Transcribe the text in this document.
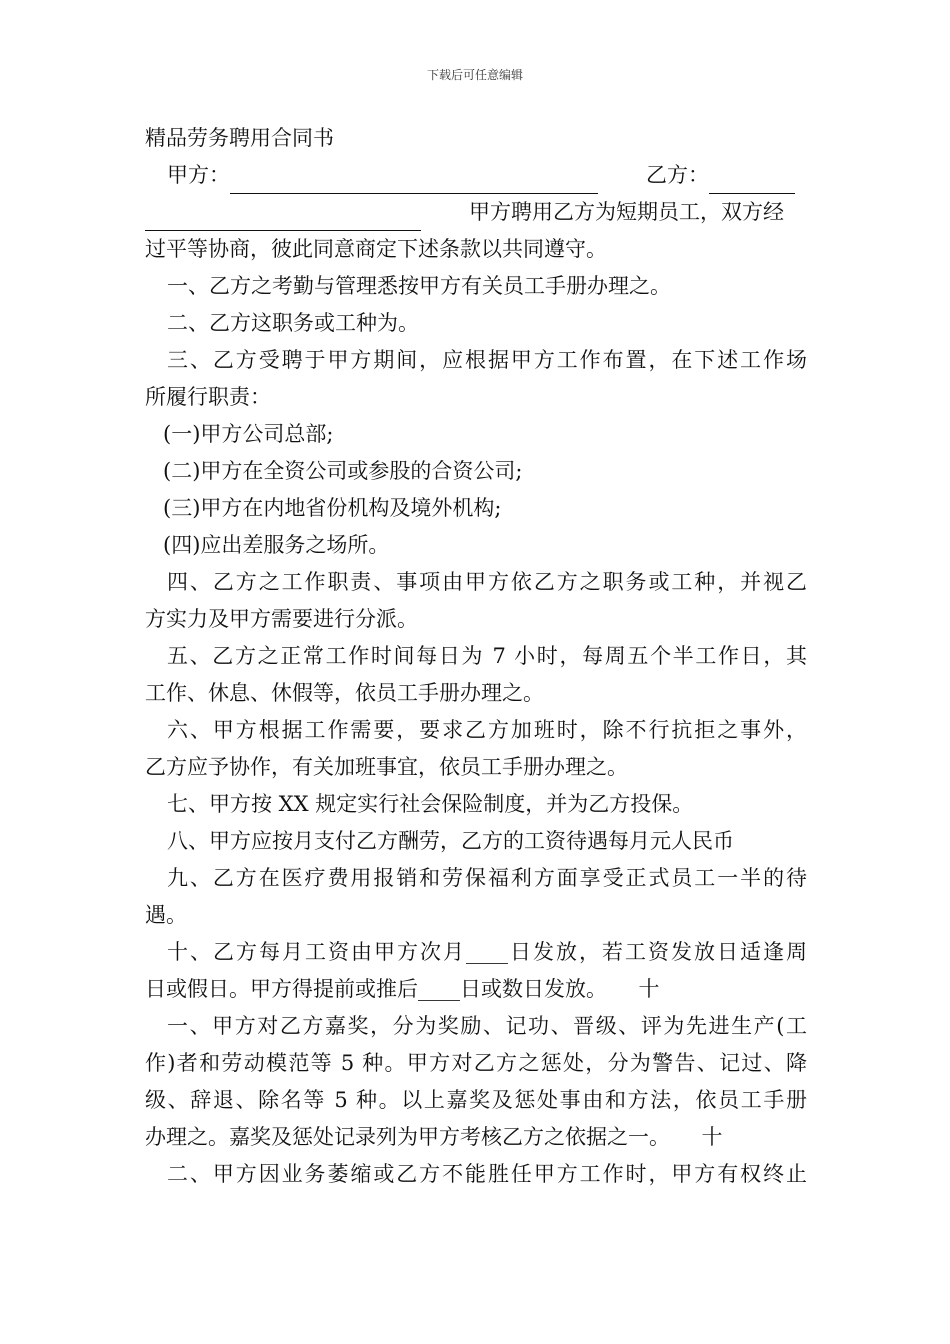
下载后可任意编辑
精品劳务聘用合同书
甲方：	乙方：
甲方聘用乙方为短期员工，双方经
过平等协商，彼此同意商定下述条款以共同遵守。
一、乙方之考勤与管理悉按甲方有关员工手册办理之。
二、乙方这职务或工种为。
三、乙方受聘于甲方期间，应根据甲方工作布置，在下述工作场
所履行职责：
(一)甲方公司总部;
(二)甲方在全资公司或参股的合资公司;
(三)甲方在内地省份机构及境外机构;
(四)应出差服务之场所。
四、乙方之工作职责、事项由甲方依乙方之职务或工种，并视乙
方实力及甲方需要进行分派。
五、乙方之正常工作时间每日为 7 小时，每周五个半工作日，其
工作、休息、休假等，依员工手册办理之。
六、甲方根据工作需要，要求乙方加班时，除不行抗拒之事外，
乙方应予协作，有关加班事宜，依员工手册办理之。
七、甲方按 XX 规定实行社会保险制度，并为乙方投保。
八、甲方应按月支付乙方酬劳，乙方的工资待遇每月元人民币
九、乙方在医疗费用报销和劳保福利方面享受正式员工一半的待
遇。
十、乙方每月工资由甲方次月____日发放，若工资发放日适逢周
日或假日。甲方得提前或推后____日或数日发放。　　十
一、甲方对乙方嘉奖，分为奖励、记功、晋级、评为先进生产(工
作)者和劳动模范等 5 种。甲方对乙方之惩处，分为警告、记过、降
级、辞退、除名等 5 种。以上嘉奖及惩处事由和方法，依员工手册
办理之。嘉奖及惩处记录列为甲方考核乙方之依据之一。　　十
二、甲方因业务萎缩或乙方不能胜任甲方工作时，甲方有权终止
